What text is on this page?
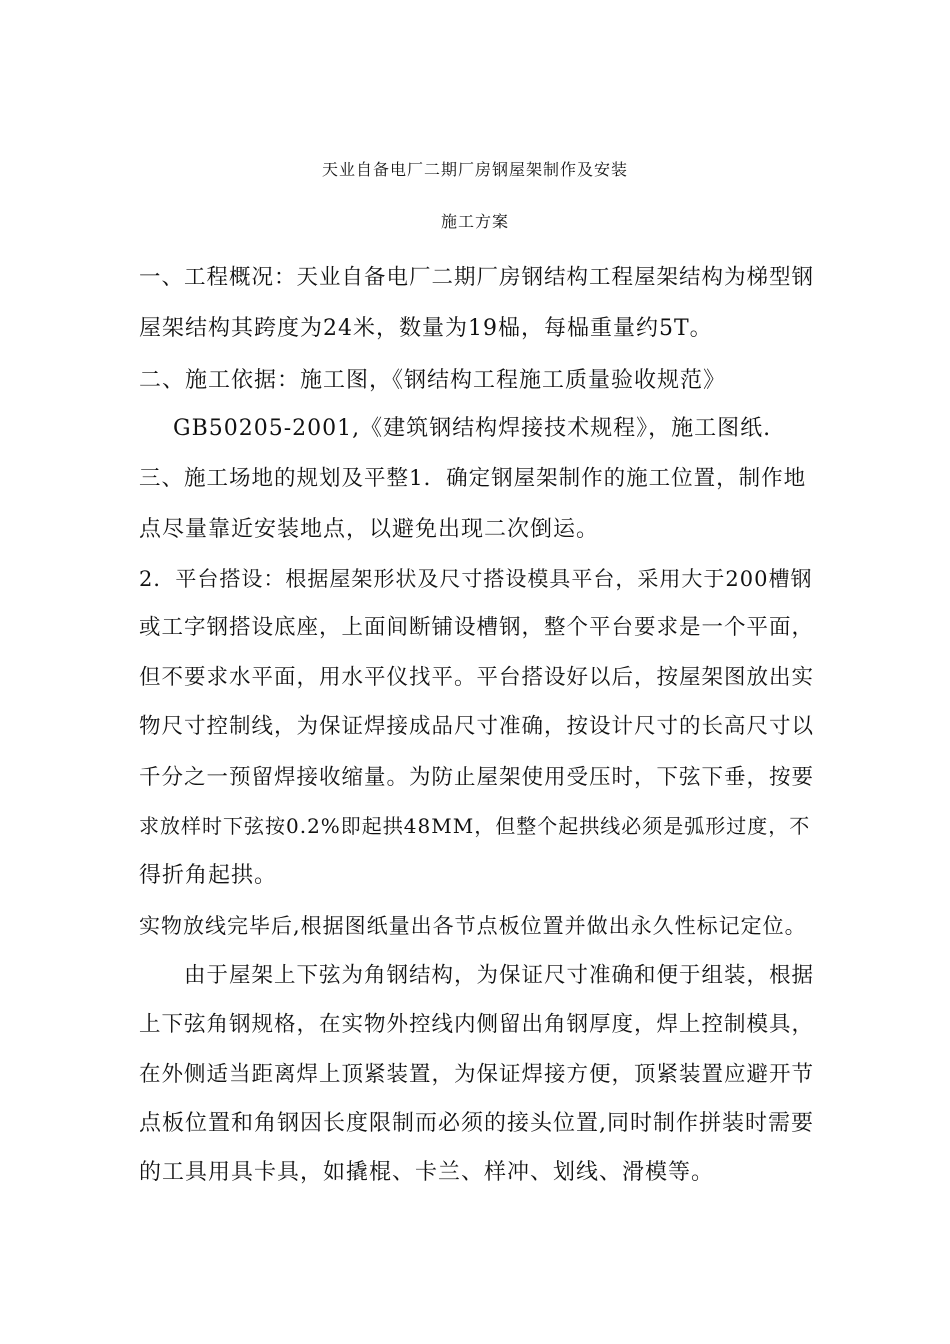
天业自备电厂二期厂房钢屋架制作及安装
施工方案
一、工程概况：天业自备电厂二期厂房钢结构工程屋架结构为梯型钢
屋架结构其跨度为24米，数量为19榀，每榀重量约5T。
二、施工依据：施工图，《钢结构工程施工质量验收规范》
GB50205-2001,《建筑钢结构焊接技术规程》，施工图纸.
三、施工场地的规划及平整1．确定钢屋架制作的施工位置，制作地
点尽量靠近安装地点，以避免出现二次倒运。
2．平台搭设：根据屋架形状及尺寸搭设模具平台，采用大于200槽钢
或工字钢搭设底座，上面间断铺设槽钢，整个平台要求是一个平面，
但不要求水平面，用水平仪找平。平台搭设好以后，按屋架图放出实
物尺寸控制线，为保证焊接成品尺寸准确，按设计尺寸的长高尺寸以
千分之一预留焊接收缩量。为防止屋架使用受压时，下弦下垂，按要
求放样时下弦按0.2%即起拱48MM，但整个起拱线必须是弧形过度，不
得折角起拱。
实物放线完毕后,根据图纸量出各节点板位置并做出永久性标记定位。
由于屋架上下弦为角钢结构，为保证尺寸准确和便于组装，根据
上下弦角钢规格，在实物外控线内侧留出角钢厚度，焊上控制模具，
在外侧适当距离焊上顶紧装置，为保证焊接方便，顶紧装置应避开节
点板位置和角钢因长度限制而必须的接头位置,同时制作拼装时需要
的工具用具卡具，如撬棍、卡兰、样冲、划线、滑模等。
